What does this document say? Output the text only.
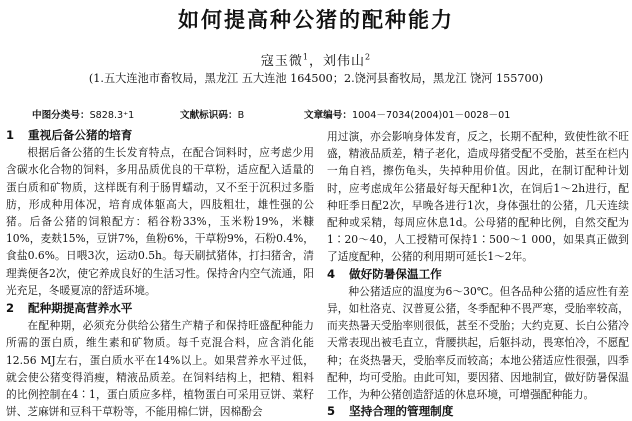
如何提高种公猪的配种能力
寇玉微$^1$，刘伟山$^2$
(1.五大连池市畜牧局，黑龙江 五大连池 164500；2.饶河县畜牧局，黑龙江 饶河 155700)
中图分类号：S828.3⁺1	文献标识码：B	文章编号：1004－7034(2004)01－0028－01
1 重视后备公猪的培育

根据后备公猪的生长发育特点，在配合饲料时，应考虑少用含碳水化合物的饲料，多用品质优良的干草粉，适应配入适量的蛋白质和矿物质，这样既有利于肠胃蠕动，又不至于沉积过多脂肪，形成种用体况，培育成体躯高大，四肢粗壮，雄性强的公猪。后备公猪的饲粮配方：稻谷粉33%，玉米粉19%，米糠10%，麦麸15%，豆饼7%，鱼粉6%，干草粉9%，石粉0.4%，食盐0.6%。日喂3次，运动0.5h。每天刷拭猪体，打扫猪舍，清理粪便各2次，使它养成良好的生活习性。保持舍内空气流通，阳光充足，冬暖夏凉的舒适环境。

2 配种期提高营养水平

在配种期，必须充分供给公猪生产精子和保持旺盛配种能力所需的蛋白质，维生素和矿物质。每千克混合料，应含消化能12.56 MJ左右，蛋白质水平在14%以上。如果营养水平过低，就会使公猪变得消瘦，精液品质差。在饲料结构上，把精、粗料的比例控制在4∶1，蛋白质应多样，植物蛋白可采用豆饼、菜籽饼、芝麻饼和豆科干草粉等，不能用棉仁饼，因棉酚会

用过演，亦会影响身体发育，反之，长期不配种，致使性欲不旺盛，精液品质差，精子老化，造成母猪受配不受胎，甚至在栏内一角自裆，擦伤龟头，失掉种用价值。因此，在制订配种计划时，应考虑成年公猪最好每天配种1次，在饲后1～2h进行，配种旺季日配2次，早晚各进行1次，身体强壮的公猪，几天连续配种或采精，每周应休息1d。公母猪的配种比例，自然交配为1∶20～40，人工授精可保持1∶500～1 000，如果真正做到了适度配种，公猪的利用期可延长1～2年。

4 做好防暑保温工作

种公猪适应的温度为6～30℃。但各品种公猪的适应性有差异，如杜洛克、汉普夏公猪，冬季配种不畏严寒，受胎率较高，而夹热暑天受胎率则很低，甚至不受胎；大约克夏、长白公猪冷天常表现出被毛直立，背腰拱起，后躯抖动，畏寒怕冷，不愿配种；在炎热暑天，受胎率反而较高；本地公猪适应性很强，四季配种，均可受胎。由此可知，要因猪、因地制宜，做好防暑保温工作，为种公猪创造舒适的休息环境，可增强配种能力。

5 坚持合理的管理制度
